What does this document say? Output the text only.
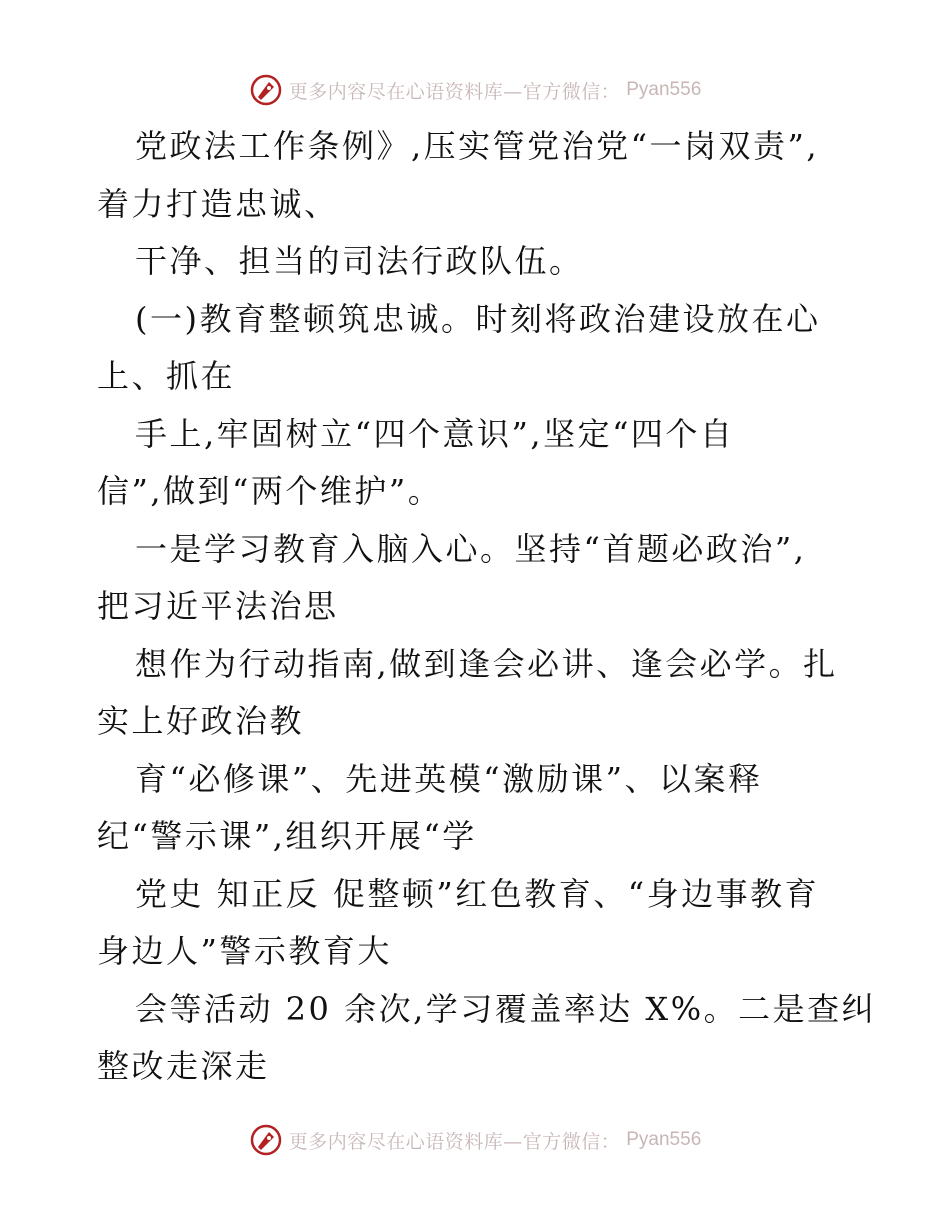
更多内容尽在心语资料库—官方微信： Pyan556
党政法工作条例》,压实管党治党“一岗双责”,
着力打造忠诚、
干净、担当的司法行政队伍。
(一)教育整顿筑忠诚。时刻将政治建设放在心
上、抓在
手上,牢固树立“四个意识”,坚定“四个自
信”,做到“两个维护”。
一是学习教育入脑入心。坚持“首题必政治”,
把习近平法治思
想作为行动指南,做到逢会必讲、逢会必学。扎
实上好政治教
育“必修课”、先进英模“激励课”、以案释
纪“警示课”,组织开展“学
党史 知正反 促整顿”红色教育、“身边事教育
身边人”警示教育大
会等活动 20 余次,学习覆盖率达 X%。二是查纠
整改走深走
更多内容尽在心语资料库—官方微信： Pyan556
